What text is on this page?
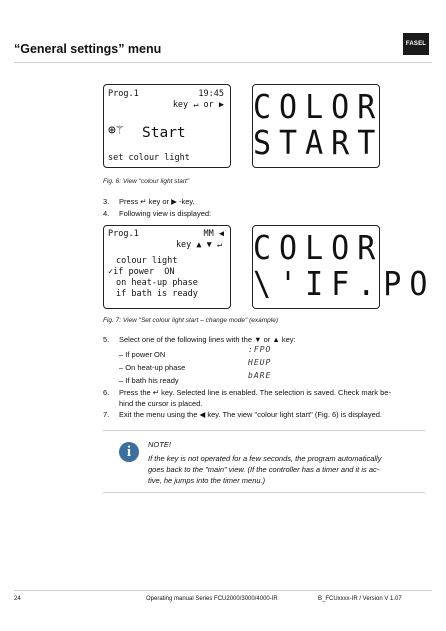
“General settings” menu	FASEL
Prog.1	19:45
key ↵ or ▶
⊕⚚ Start
set colour light
COLOR
START
Fig. 6: View "colour light start"
3. Press ↵ key or ▶ -key.
4. Following view is displayed:
Prog.1	MM ◀
key ▲ ▼ ↵
colour light
✓if power  ON
on heat-up phase
if bath is ready
COLOR
\'IF.PO
Fig. 7: View "Set colour light start – change mode" (example)
5. Select one of the following lines with the ▼ or ▲ key:
– If power ON
:FPO
– On heat-up phase
HEUP
– If bath his ready
bARE
6. Press the ↵ key. Selected line is enabled. The selection is saved. Check mark be-
hind the cursor is placed.
7. Exit the menu using the ◀ key. The view "colour light start" (Fig. 6) is displayed.
i	NOTE!
If the key is not operated for a few seconds, the program automatically
goes back to the "main" view. (If the controller has a timer and it is ac-
tive, he jumps into the timer menu.)
24	Operating manual Series FCU2000/3000/4000-IR	B_FCUxxxx-IR / Version V 1.07
